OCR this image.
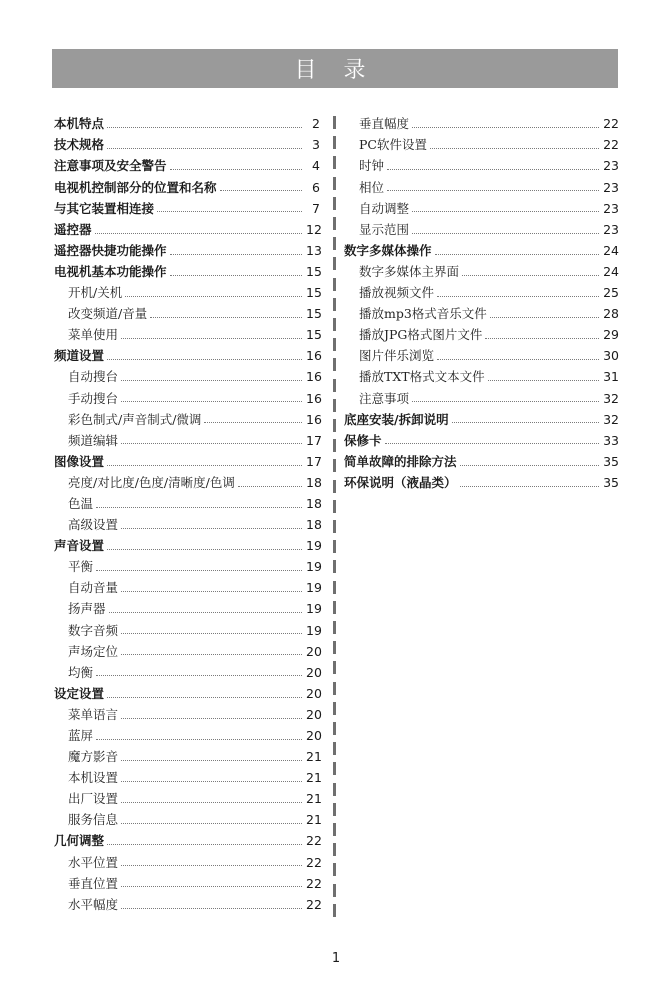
目 录
本机特点	2
技术规格	3
注意事项及安全警告	4
电视机控制部分的位置和名称	6
与其它装置相连接	7
遥控器	12
遥控器快捷功能操作	13
电视机基本功能操作	15
开机/关机	15
改变频道/音量	15
菜单使用	15
频道设置	16
自动搜台	16
手动搜台	16
彩色制式/声音制式/微调	16
频道编辑	17
图像设置	17
亮度/对比度/色度/清晰度/色调	18
色温	18
高级设置	18
声音设置	19
平衡	19
自动音量	19
扬声器	19
数字音频	19
声场定位	20
均衡	20
设定设置	20
菜单语言	20
蓝屏	20
魔方影音	21
本机设置	21
出厂设置	21
服务信息	21
几何调整	22
水平位置	22
垂直位置	22
水平幅度	22
垂直幅度	22
PC软件设置	22
时钟	23
相位	23
自动调整	23
显示范围	23
数字多媒体操作	24
数字多媒体主界面	24
播放视频文件	25
播放mp3格式音乐文件	28
播放JPG格式图片文件	29
图片伴乐浏览	30
播放TXT格式文本文件	31
注意事项	32
底座安装/拆卸说明	32
保修卡	33
简单故障的排除方法	35
环保说明（液晶类）	35
1
